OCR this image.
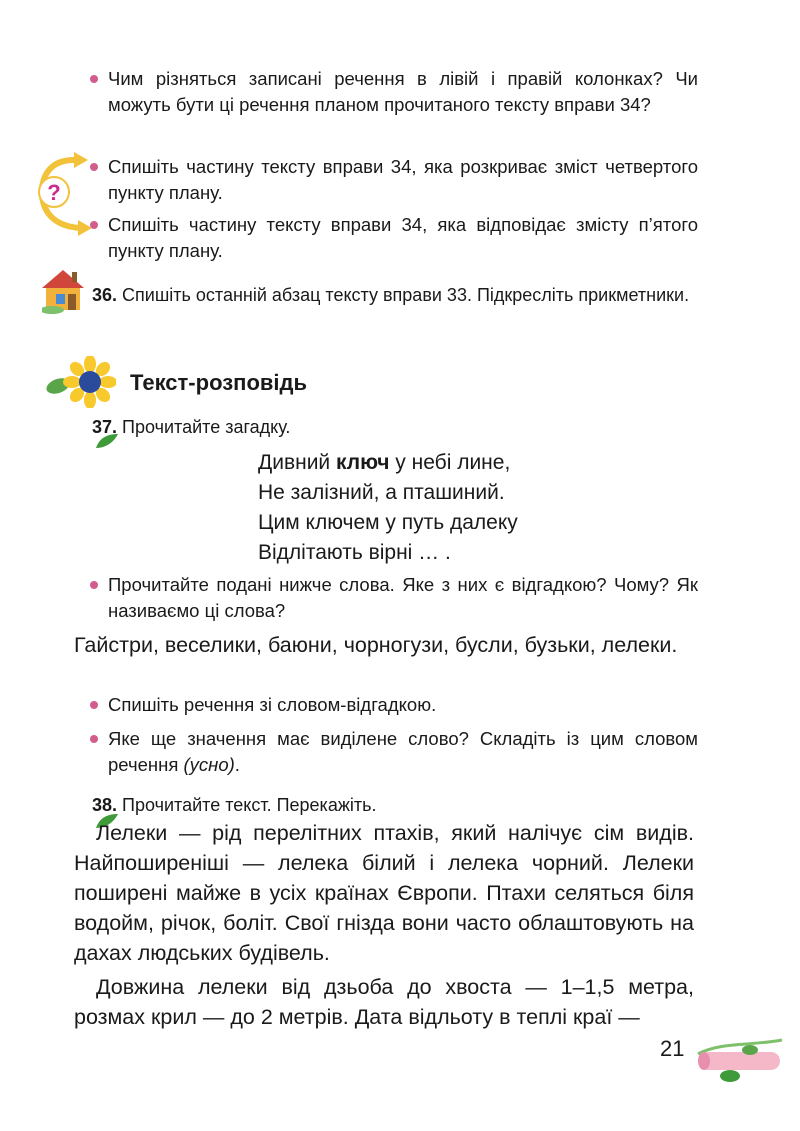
Чим різняться записані речення в лівій і правій колонках? Чи можуть бути ці речення планом прочитаного тексту вправи 34?
?
Спишіть частину тексту вправи 34, яка розкриває зміст четвертого пункту плану.
Спишіть частину тексту вправи 34, яка відповідає змісту п’ятого пункту плану.
36. Спишіть останній абзац тексту вправи 33. Підкресліть прикметники.
Текст-розповідь
37. Прочитайте загадку.
Дивний ключ у небі лине,
Не залізний, а пташиний.
Цим ключем у путь далеку
Відлітають вірні … .
Прочитайте подані нижче слова. Яке з них є відгадкою? Чому? Як називаємо ці слова?
Гайстри, веселики, баюни, чорногузи, бусли, бузьки, лелеки.
Спишіть речення зі словом-відгадкою.
Яке ще значення має виділене слово? Складіть із цим словом речення (усно).
38. Прочитайте текст. Перекажіть.

Лелеки — рід перелітних птахів, який налічує сім видів. Найпоширеніші — лелека білий і лелека чорний. Лелеки поширені майже в усіх країнах Європи. Птахи селяться біля водойм, річок, боліт. Свої гнізда вони часто облаштовують на дахах людських будівель.

Довжина лелеки від дзьоба до хвоста — 1–1,5 метра, розмах крил — до 2 метрів. Дата відльоту в теплі краї —

21
